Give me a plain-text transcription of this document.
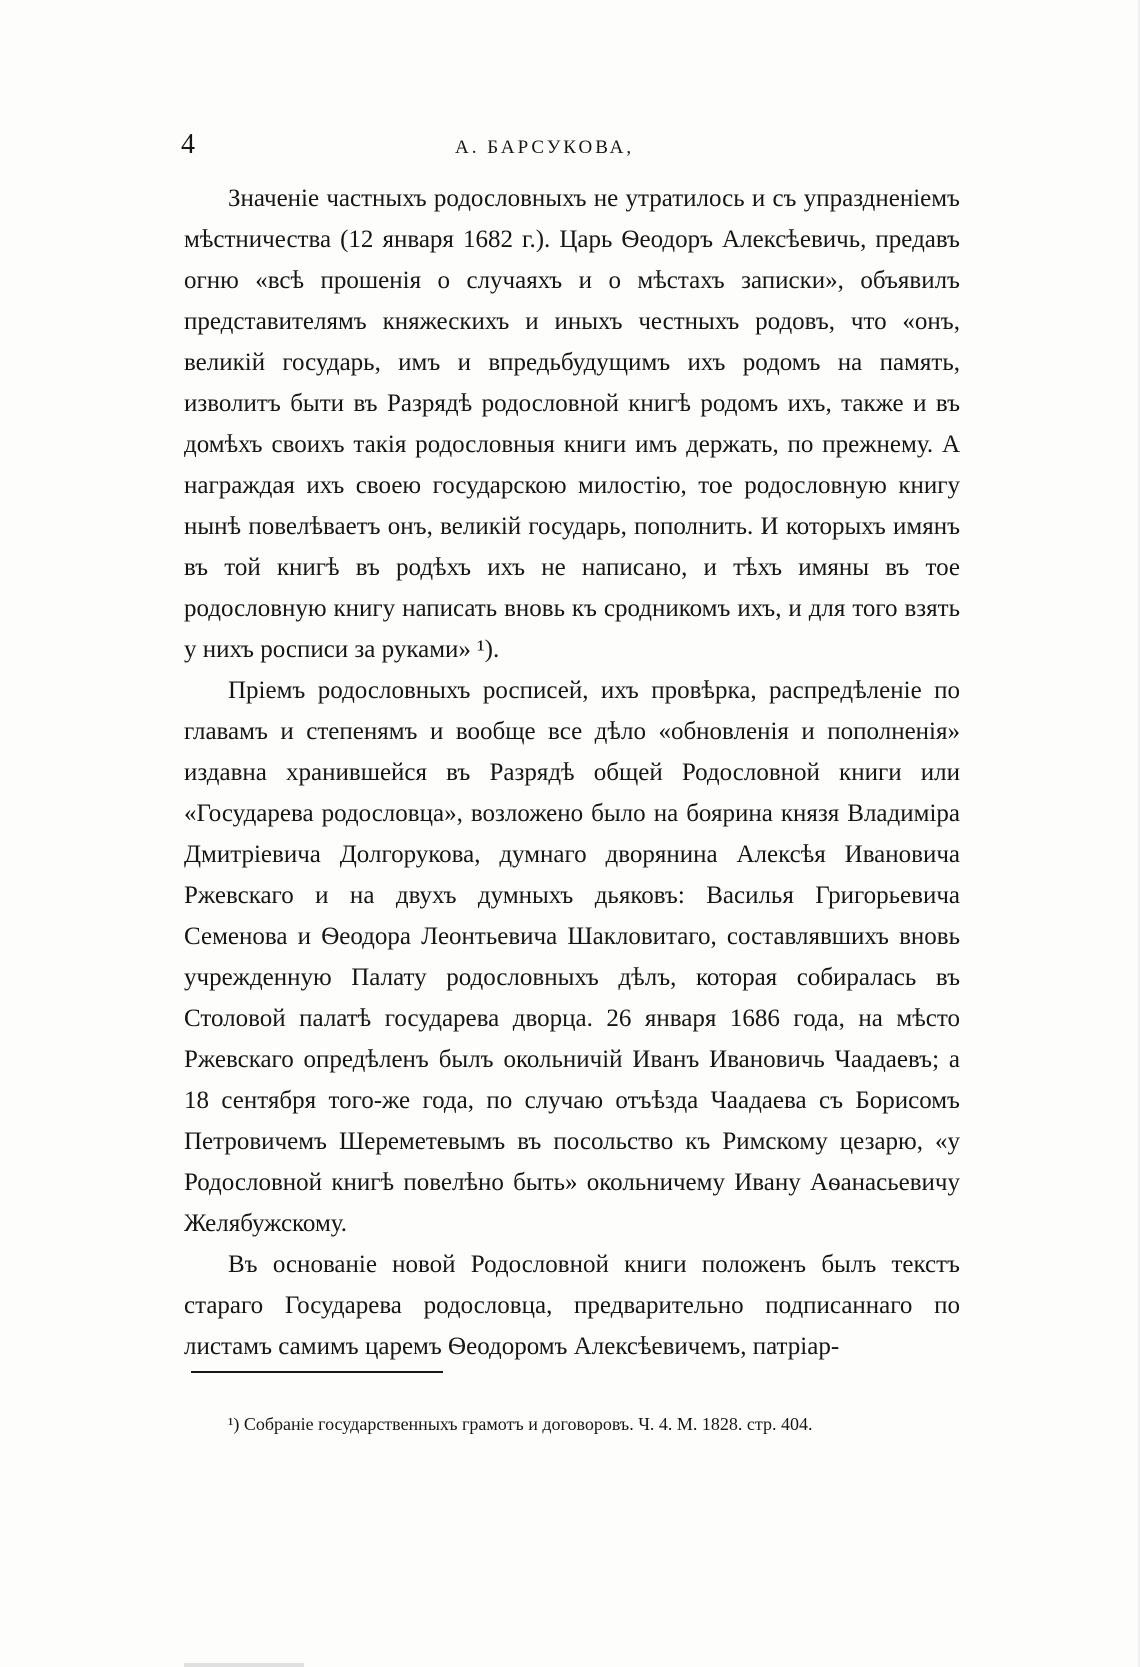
4	А. БАРСУКОВА,

Значеніе частныхъ родословныхъ не утратилось и съ упраздненіемъ мѣстничества (12 января 1682 г.). Царь Ѳеодоръ Алексѣевичь, предавъ огню «всѣ прошенія о случаяхъ и о мѣстахъ записки», объявилъ представителямъ княжескихъ и иныхъ честныхъ родовъ, что «онъ, великій государь, имъ и впредьбудущимъ ихъ родомъ на память, изволитъ быти въ Разрядѣ родословной книгѣ родомъ ихъ, также и въ домѣхъ своихъ такія родословныя книги имъ держать, по прежнему. А награждая ихъ своею государскою милостію, тое родословную книгу нынѣ повелѣваетъ онъ, великій государь, пополнить. И которыхъ имянъ въ той книгѣ въ родѣхъ ихъ не написано, и тѣхъ имяны въ тое родословную книгу написать вновь къ сродникомъ ихъ, и для того взять у нихъ росписи за руками» ¹).

Пріемъ родословныхъ росписей, ихъ провѣрка, распредѣленіе по главамъ и степенямъ и вообще все дѣло «обновленія и пополненія» издавна хранившейся въ Разрядѣ общей Родословной книги или «Государева родословца», возложено было на боярина князя Владиміра Дмитріевича Долгорукова, думнаго дворянина Алексѣя Ивановича Ржевскаго и на двухъ думныхъ дьяковъ: Василья Григорьевича Семенова и Ѳеодора Леонтьевича Шакловитаго, составлявшихъ вновь учрежденную Палату родословныхъ дѣлъ, которая собиралась въ Столовой палатѣ государева дворца. 26 января 1686 года, на мѣсто Ржевскаго опредѣленъ былъ окольничій Иванъ Ивановичь Чаадаевъ; а 18 сентября того-же года, по случаю отъѣзда Чаадаева съ Борисомъ Петровичемъ Шереметевымъ въ посольство къ Римскому цезарю, «у Родословной книгѣ повелѣно быть» окольничему Ивану Аѳанасьевичу Желябужскому.

Въ основаніе новой Родословной книги положенъ былъ текстъ стараго Государева родословца, предварительно подписаннаго по листамъ самимъ царемъ Ѳеодоромъ Алексѣевичемъ, патріар-

¹) Собраніе государственныхъ грамотъ и договоровъ. Ч. 4. М. 1828. стр. 404.
